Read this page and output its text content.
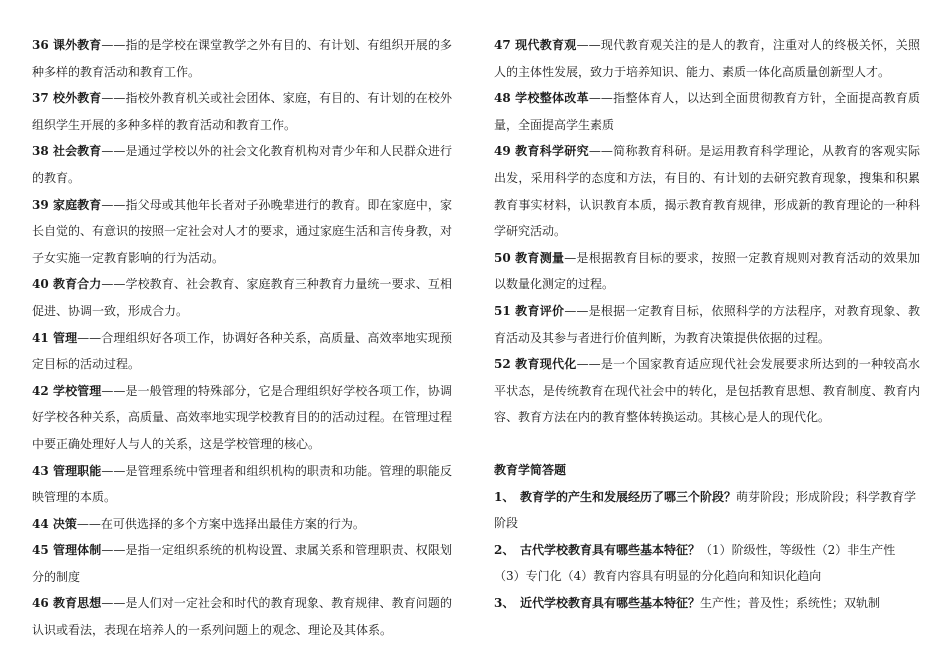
36 课外教育——指的是学校在课堂教学之外有目的、有计划、有组织开展的多种多样的教育活动和教育工作。

37 校外教育——指校外教育机关或社会团体、家庭，有目的、有计划的在校外组织学生开展的多种多样的教育活动和教育工作。

38 社会教育——是通过学校以外的社会文化教育机构对青少年和人民群众进行的教育。

39 家庭教育——指父母或其他年长者对子孙晚辈进行的教育。即在家庭中，家长自觉的、有意识的按照一定社会对人才的要求，通过家庭生活和言传身教，对子女实施一定教育影响的行为活动。

40 教育合力——学校教育、社会教育、家庭教育三种教育力量统一要求、互相促进、协调一致，形成合力。

41 管理——合理组织好各项工作，协调好各种关系，高质量、高效率地实现预定目标的活动过程。

42 学校管理——是一般管理的特殊部分，它是合理组织好学校各项工作，协调好学校各种关系，高质量、高效率地实现学校教育目的的活动过程。在管理过程中要正确处理好人与人的关系，这是学校管理的核心。

43 管理职能——是管理系统中管理者和组织机构的职责和功能。管理的职能反映管理的本质。

44 决策——在可供选择的多个方案中选择出最佳方案的行为。

45 管理体制——是指一定组织系统的机构设置、隶属关系和管理职责、权限划分的制度

46 教育思想——是人们对一定社会和时代的教育现象、教育规律、教育问题的认识或看法，表现在培养人的一系列问题上的观念、理论及其体系。

47 现代教育观——现代教育观关注的是人的教育，注重对人的终极关怀，关照人的主体性发展，致力于培养知识、能力、素质一体化高质量创新型人才。

48 学校整体改革——指整体育人，以达到全面贯彻教育方针，全面提高教育质量，全面提高学生素质

49 教育科学研究——简称教育科研。是运用教育科学理论，从教育的客观实际出发，采用科学的态度和方法，有目的、有计划的去研究教育现象，搜集和积累教育事实材料，认识教育本质，揭示教育教育规律，形成新的教育理论的一种科学研究活动。

50 教育测量—是根据教育目标的要求，按照一定教育规则对教育活动的效果加以数量化测定的过程。

51 教育评价——是根据一定教育目标，依照科学的方法程序，对教育现象、教育活动及其参与者进行价值判断，为教育决策提供依据的过程。

52 教育现代化——是一个国家教育适应现代社会发展要求所达到的一种较高水平状态，是传统教育在现代社会中的转化，是包括教育思想、教育制度、教育内容、教育方法在内的教育整体转换运动。其核心是人的现代化。

教育学简答题

1、 教育学的产生和发展经历了哪三个阶段？萌芽阶段；形成阶段；科学教育学阶段

2、 古代学校教育具有哪些基本特征？（1）阶级性，等级性（2）非生产性（3）专门化（4）教育内容具有明显的分化趋向和知识化趋向

3、 近代学校教育具有哪些基本特征？生产性；普及性；系统性；双轨制
